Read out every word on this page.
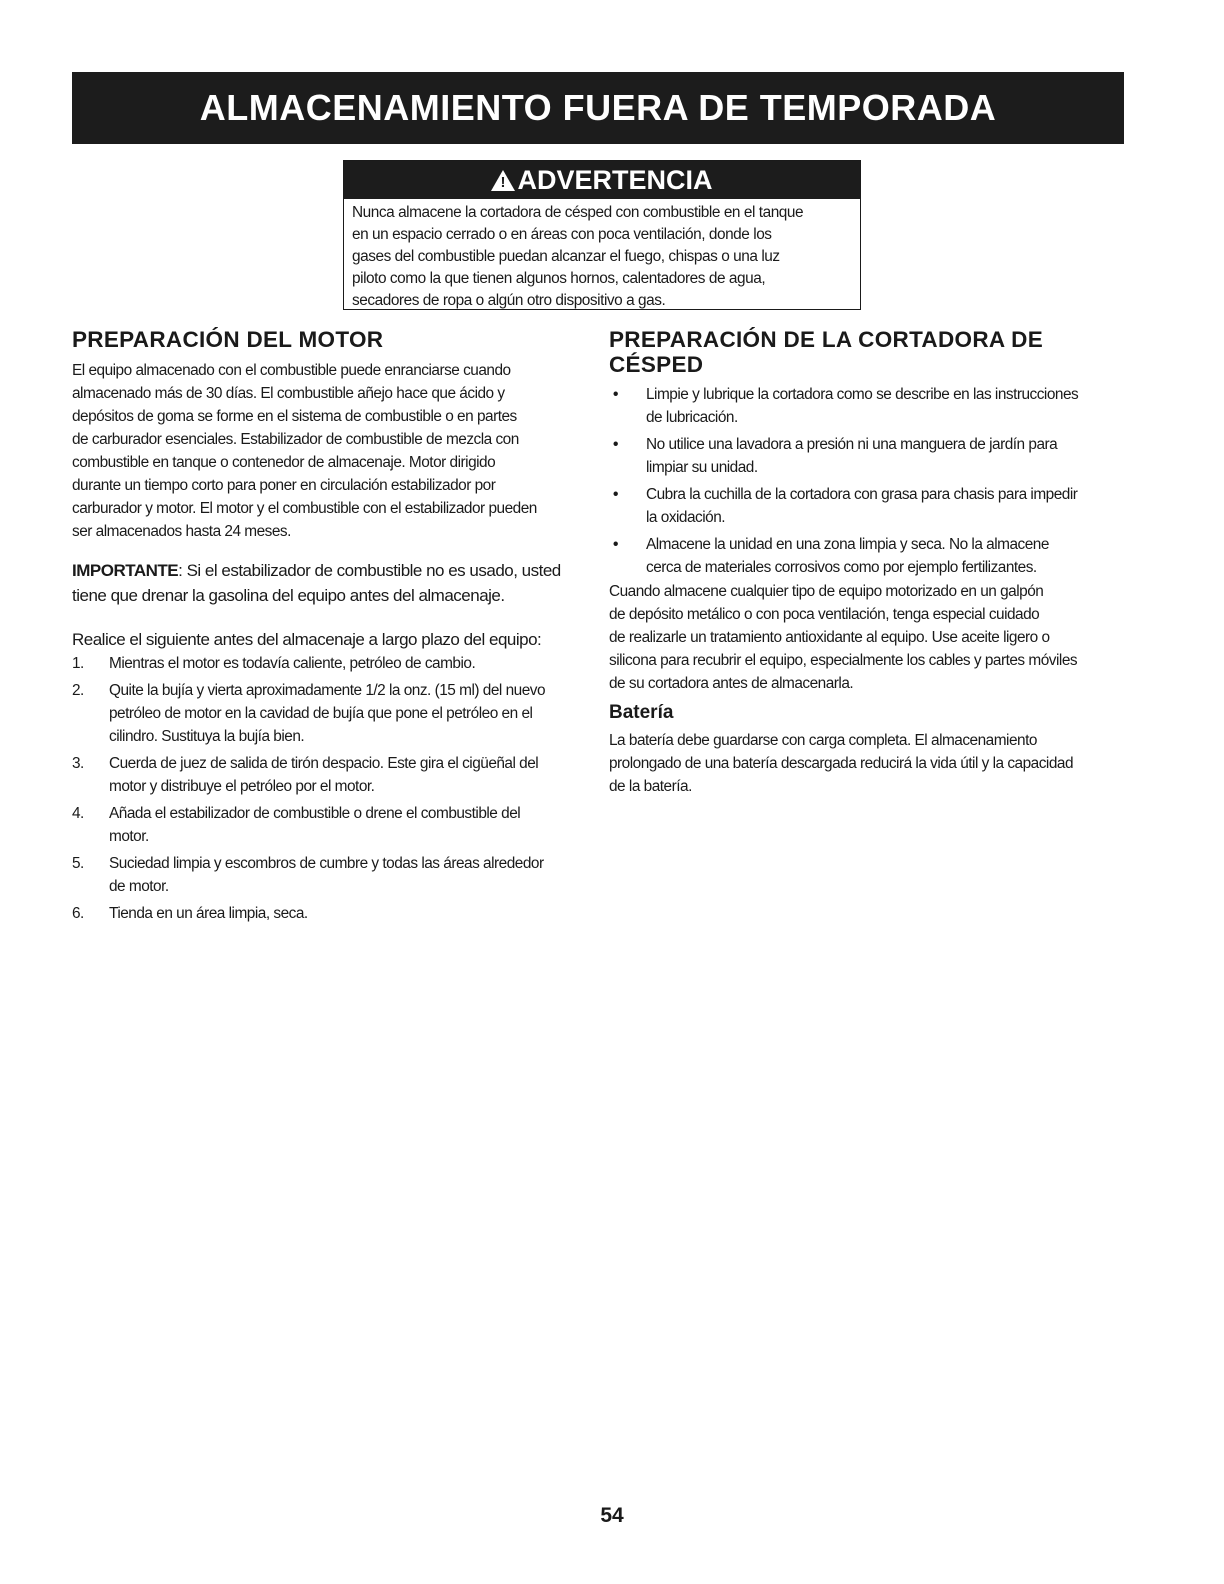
ALMACENAMIENTO FUERA DE TEMPORADA
!
ADVERTENCIA
Nunca almacene la cortadora de césped con combustible en el tanque
en un espacio cerrado o en áreas con poca ventilación, donde los
gases del combustible puedan alcanzar el fuego, chispas o una luz
piloto como la que tienen algunos hornos, calentadores de agua,
secadores de ropa o algún otro dispositivo a gas.
PREPARACIÓN DEL MOTOR
El equipo almacenado con el combustible puede enranciarse cuando
almacenado más de 30 días. El combustible añejo hace que ácido y
depósitos de goma se forme en el sistema de combustible o en partes
de carburador esenciales. Estabilizador de combustible de mezcla con
combustible en tanque o contenedor de almacenaje. Motor dirigido
durante un tiempo corto para poner en circulación estabilizador por
carburador y motor. El motor y el combustible con el estabilizador pueden
ser almacenados hasta 24 meses.
IMPORTANTE: Si el estabilizador de combustible no es usado, usted
tiene que drenar la gasolina del equipo antes del almacenaje.
Realice el siguiente antes del almacenaje a largo plazo del equipo:
1. Mientras el motor es todavía caliente, petróleo de cambio.
2. Quite la bujía y vierta aproximadamente 1/2 la onz. (15 ml) del nuevo
petróleo de motor en la cavidad de bujía que pone el petróleo en el
cilindro. Sustituya la bujía bien.
3. Cuerda de juez de salida de tirón despacio. Este gira el cigüeñal del
motor y distribuye el petróleo por el motor.
4. Añada el estabilizador de combustible o drene el combustible del
motor.
5. Suciedad limpia y escombros de cumbre y todas las áreas alrededor
de motor.
6. Tienda en un área limpia, seca.
PREPARACIÓN DE LA CORTADORA DE
CÉSPED
• Limpie y lubrique la cortadora como se describe en las instrucciones
de lubricación.
• No utilice una lavadora a presión ni una manguera de jardín para
limpiar su unidad.
• Cubra la cuchilla de la cortadora con grasa para chasis para impedir
la oxidación.
• Almacene la unidad en una zona limpia y seca. No la almacene
cerca de materiales corrosivos como por ejemplo fertilizantes.
Cuando almacene cualquier tipo de equipo motorizado en un galpón
de depósito metálico o con poca ventilación, tenga especial cuidado
de realizarle un tratamiento antioxidante al equipo. Use aceite ligero o
silicona para recubrir el equipo, especialmente los cables y partes móviles
de su cortadora antes de almacenarla.
Batería
La batería debe guardarse con carga completa. El almacenamiento
prolongado de una batería descargada reducirá la vida útil y la capacidad
de la batería.
54
